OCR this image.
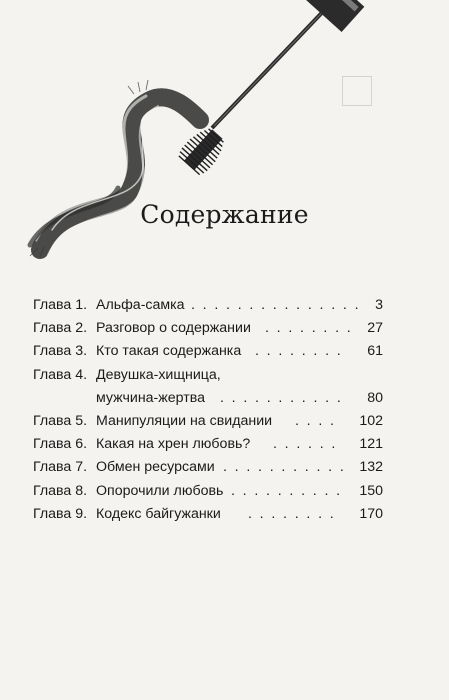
Содержание
Глава 1. Альфа-самка . . . . . . . . . . . . . . . 3
Глава 2. Разговор о содержании . . . . . . . . 27
Глава 3. Кто такая содержанка . . . . . . . . 61
Глава 4. Девушка-хищница,
мужчина-жертва . . . . . . . . . . . 80
Глава 5. Манипуляции на свидании . . . . 102
Глава 6. Какая на хрен любовь? . . . . . . 121
Глава 7. Обмен ресурсами . . . . . . . . . . . 132
Глава 8. Опорочили любовь . . . . . . . . . . 150
Глава 9. Кодекс байгужанки . . . . . . . . 170
